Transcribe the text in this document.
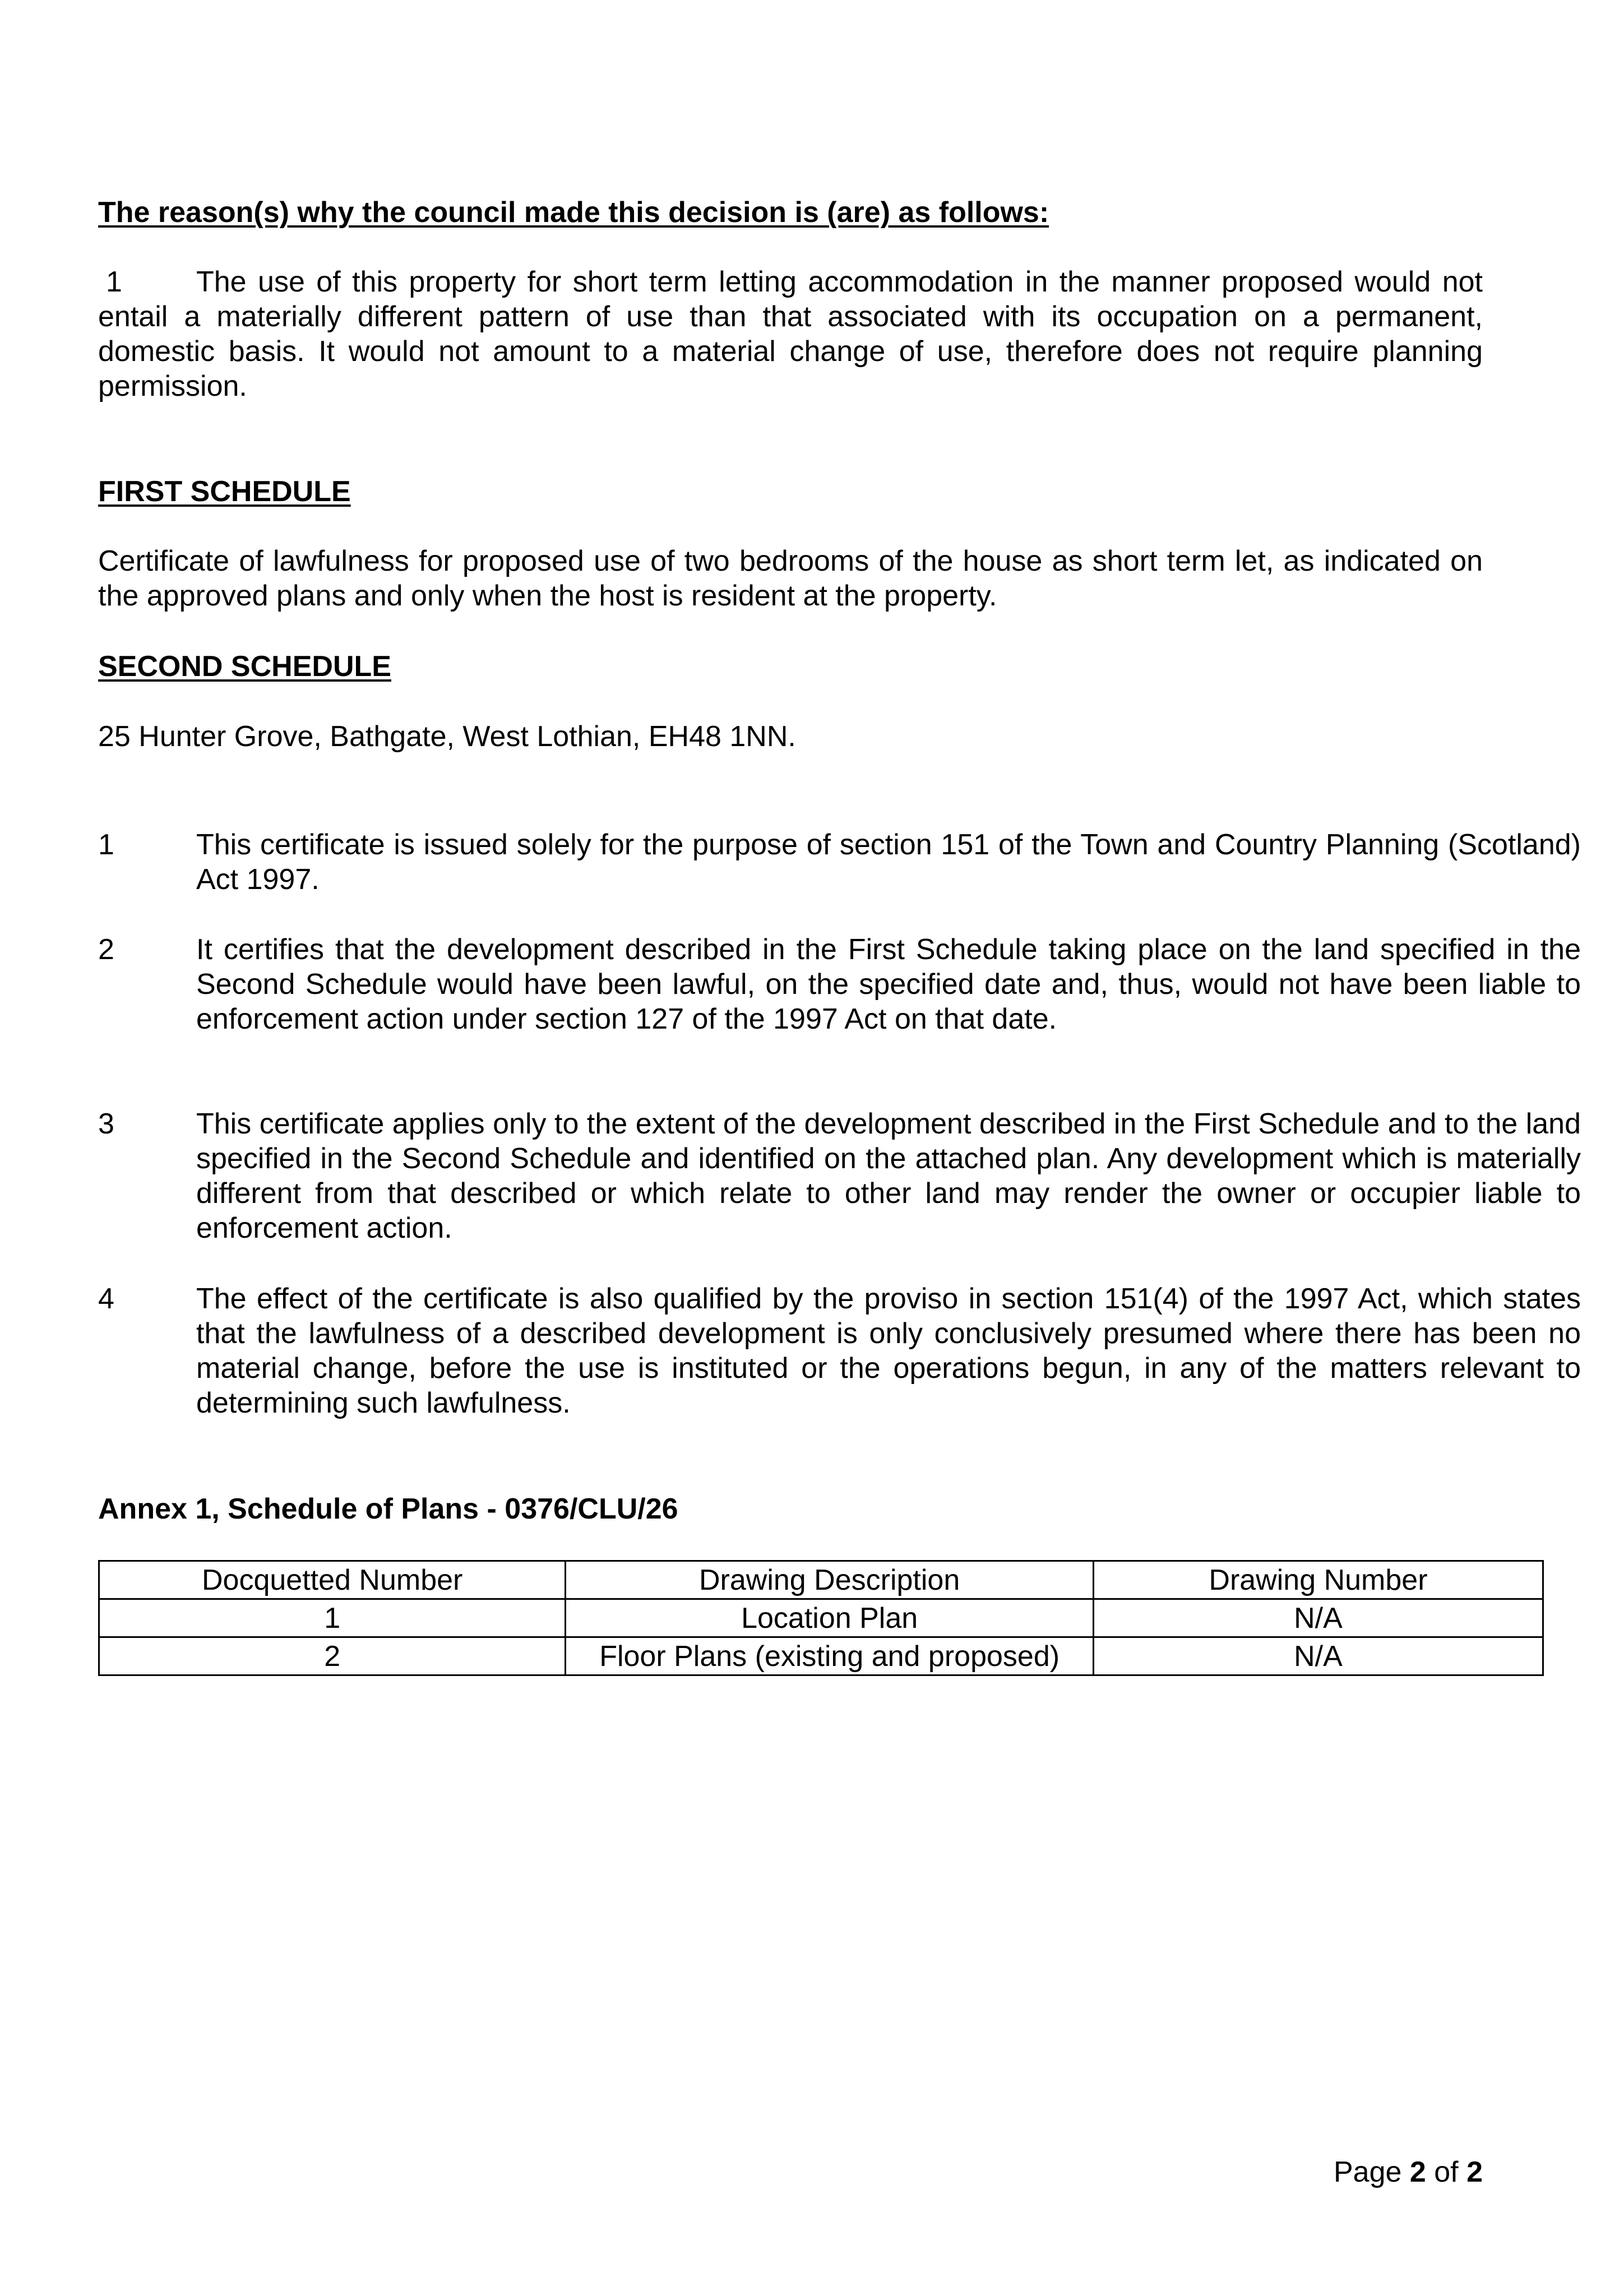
The reason(s) why the council made this decision is (are) as follows:
1	The use of this property for short term letting accommodation in the manner proposed would not entail a materially different pattern of use than that associated with its occupation on a permanent, domestic basis. It would not amount to a material change of use, therefore does not require planning permission.
FIRST SCHEDULE
Certificate of lawfulness for proposed use of two bedrooms of the house as short term let, as indicated on the approved plans and only when the host is resident at the property.
SECOND SCHEDULE
25 Hunter Grove, Bathgate, West Lothian, EH48 1NN.
1	This certificate is issued solely for the purpose of section 151 of the Town and Country Planning (Scotland) Act 1997.
2	It certifies that the development described in the First Schedule taking place on the land specified in the Second Schedule would have been lawful, on the specified date and, thus, would not have been liable to enforcement action under section 127 of the 1997 Act on that date.
3	This certificate applies only to the extent of the development described in the First Schedule and to the land specified in the Second Schedule and identified on the attached plan. Any development which is materially different from that described or which relate to other land may render the owner or occupier liable to enforcement action.
4	The effect of the certificate is also qualified by the proviso in section 151(4) of the 1997 Act, which states that the lawfulness of a described development is only conclusively presumed where there has been no material change, before the use is instituted or the operations begun, in any of the matters relevant to determining such lawfulness.
Annex 1, Schedule of Plans - 0376/CLU/26
Docquetted Number	Drawing Description	Drawing Number
1	Location Plan	N/A
2	Floor Plans (existing and proposed)	N/A
Page 2 of 2
